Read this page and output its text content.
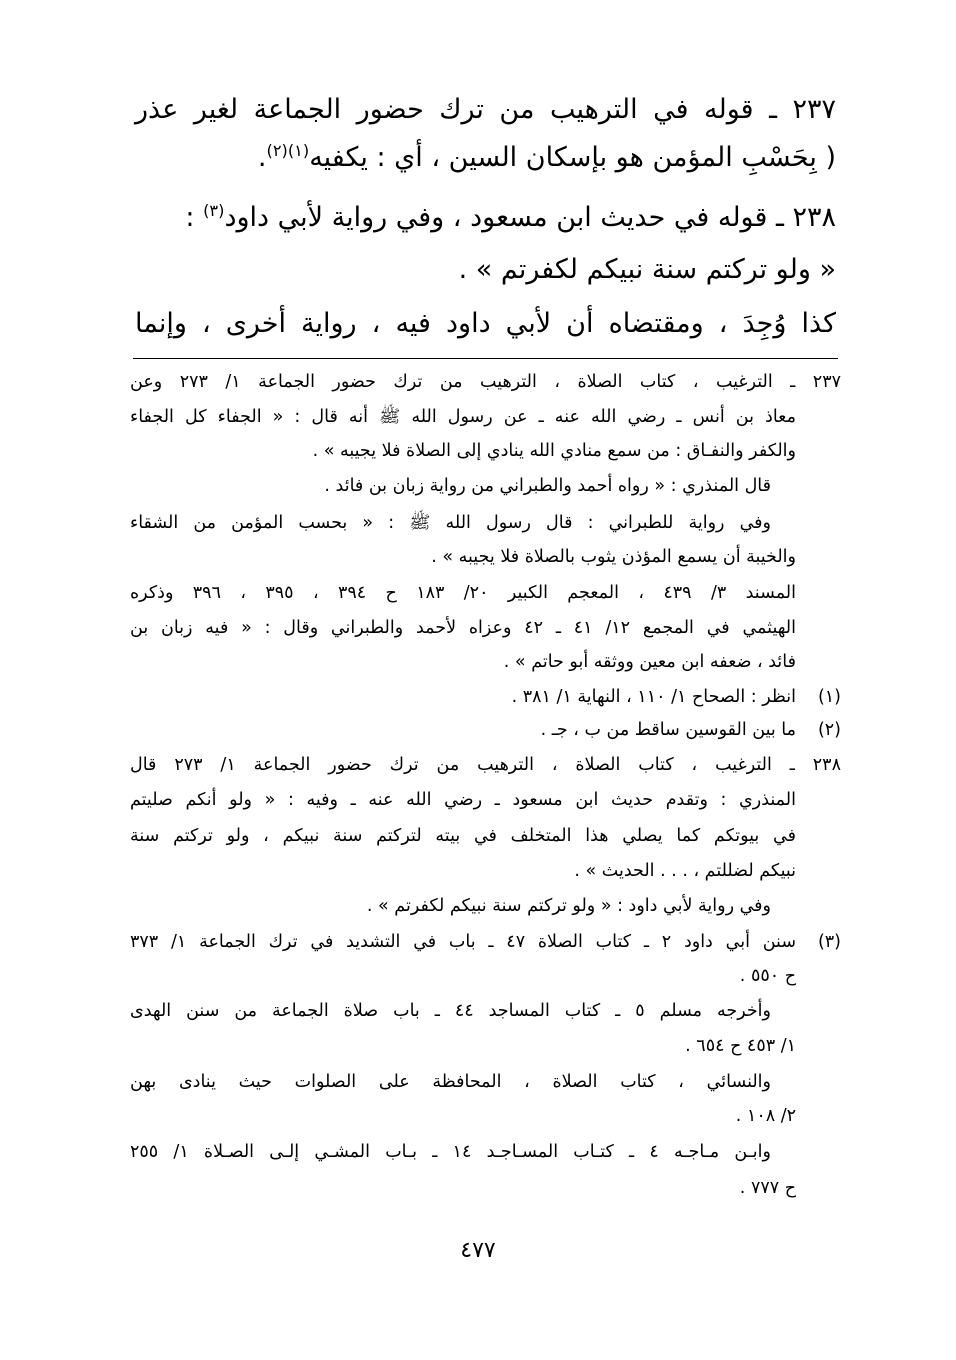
٢٣٧ ـ قوله في الترهيب من ترك حضور الجماعة لغير عذر
( بِحَسْبِ المؤمن هو بإسكان السين ، أي : يكفيه$^{(١)(٢)}$.
٢٣٨ ـ قوله في حديث ابن مسعود ، وفي رواية لأبي داود$^{(٣)}$ :
« ولو تركتم سنة نبيكم لكفرتم » .
كذا وُجِدَ ، ومقتضاه أن لأبي داود فيه ، رواية أخرى ، وإنما
٢٣٧ ـ الترغيب ، كتاب الصلاة ، الترهيب من ترك حضور الجماعة ١/ ٢٧٣ وعن
معاذ بن أنس ـ رضي الله عنه ـ عن رسول الله ﷺ أنه قال : « الجفاء كل الجفاء
والكفر والنفـاق : من سمع منادي الله ينادي إلى الصلاة فلا يجيبه » .
قال المنذري : « رواه أحمد والطبراني من رواية زبان بن فائد .
وفي رواية للطبراني : قال رسول الله ﷺ : « بحسب المؤمن من الشقاء
والخيبة أن يسمع المؤذن يثوب بالصلاة فلا يجيبه » .
المسند ٣/ ٤٣٩ ، المعجم الكبير ٢٠/ ١٨٣ ح ٣٩٤ ، ٣٩٥ ، ٣٩٦ وذكره
الهيثمي في المجمع ١٢/ ٤١ ـ ٤٢ وعزاه لأحمد والطبراني وقال : « فيه زبان بن
فائد ، ضعفه ابن معين ووثقه أبو حاتم » .
(١)
انظر : الصحاح ١/ ١١٠ ، النهاية ١/ ٣٨١ .
(٢)
ما بين القوسين ساقط من ب ، جـ .
٢٣٨ ـ الترغيب ، كتاب الصلاة ، الترهيب من ترك حضور الجماعة ١/ ٢٧٣ قال
المنذري : وتقدم حديث ابن مسعود ـ رضي الله عنه ـ وفيه : « ولو أنكم صليتم
في بيوتكم كما يصلي هذا المتخلف في بيته لتركتم سنة نبيكم ، ولو تركتم سنة
نبيكم لضللتم ، . . . الحديث » .
وفي رواية لأبي داود : « ولو تركتم سنة نبيكم لكفرتم » .
(٣)
سنن أبي داود ٢ ـ كتاب الصلاة ٤٧ ـ باب في التشديد في ترك الجماعة ١/ ٣٧٣
ح ٥٥٠ .
وأخرجه مسلم ٥ ـ كتاب المساجد ٤٤ ـ باب صلاة الجماعة من سنن الهدى
١/ ٤٥٣ ح ٦٥٤ .
والنسائي ، كتاب الصلاة ، المحافظة على الصلوات حيث ينادى بهن
٢/ ١٠٨ .
وابـن مـاجـه ٤ ـ كتـاب المسـاجـد ١٤ ـ بـاب المشـي إلـى الصـلاة ١/ ٢٥٥
ح ٧٧٧ .
٤٧٧
